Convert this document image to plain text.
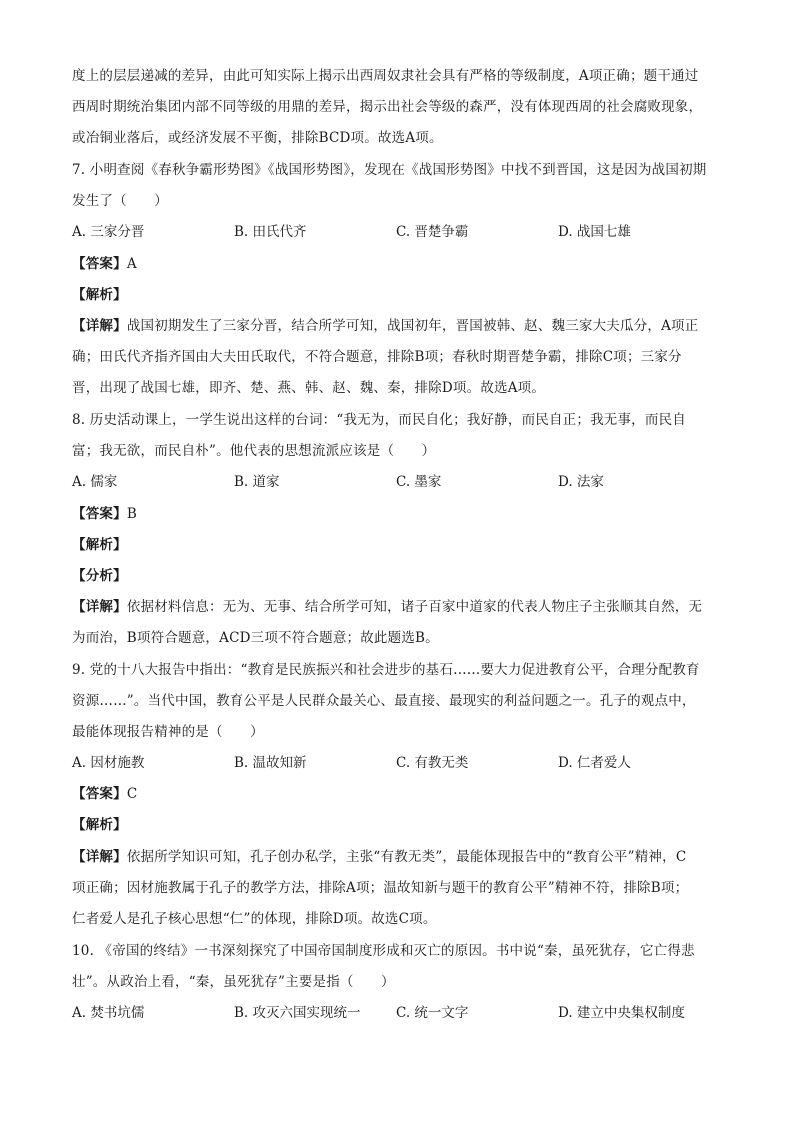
度上的层层递减的差异，由此可知实际上揭示出西周奴隶社会具有严格的等级制度，A项正确；题干通过
西周时期统治集团内部不同等级的用鼎的差异，揭示出社会等级的森严，没有体现西周的社会腐败现象，
或冶铜业落后，或经济发展不平衡，排除BCD项。故选A项。
7. 小明查阅《春秋争霸形势图》《战国形势图》，发现在《战国形势图》中找不到晋国，这是因为战国初期
发生了（　　）
A. 三家分晋	B. 田氏代齐	C. 晋楚争霸	D. 战国七雄
【答案】A
【解析】
【详解】战国初期发生了三家分晋，结合所学可知，战国初年，晋国被韩、赵、魏三家大夫瓜分，A项正
确；田氏代齐指齐国由大夫田氏取代，不符合题意，排除B项；春秋时期晋楚争霸，排除C项；三家分
晋，出现了战国七雄，即齐、楚、燕、韩、赵、魏、秦，排除D项。故选A项。
8. 历史活动课上，一学生说出这样的台词：“我无为，而民自化；我好静，而民自正；我无事，而民自
富；我无欲，而民自朴”。他代表的思想流派应该是（　　）
A. 儒家	B. 道家	C. 墨家	D. 法家
【答案】B
【解析】
【分析】
【详解】依据材料信息：无为、无事、结合所学可知，诸子百家中道家的代表人物庄子主张顺其自然，无
为而治，B项符合题意，ACD三项不符合题意；故此题选B。
9. 党的十八大报告中指出：“教育是民族振兴和社会进步的基石……要大力促进教育公平，合理分配教育
资源……”。当代中国，教育公平是人民群众最关心、最直接、最现实的利益问题之一。孔子的观点中，
最能体现报告精神的是（　　）
A. 因材施教	B. 温故知新	C. 有教无类	D. 仁者爱人
【答案】C
【解析】
【详解】依据所学知识可知，孔子创办私学，主张“有教无类”，最能体现报告中的“教育公平”精神，C
项正确；因材施教属于孔子的教学方法，排除A项；温故知新与题干的教育公平”精神不符，排除B项；
仁者爱人是孔子核心思想“仁”的体现，排除D项。故选C项。
10. 《帝国的终结》一书深刻探究了中国帝国制度形成和灭亡的原因。书中说“秦，虽死犹存，它亡得悲
壮”。从政治上看，“秦，虽死犹存”主要是指（　　）
A. 焚书坑儒	B. 攻灭六国实现统一	C. 统一文字	D. 建立中央集权制度
